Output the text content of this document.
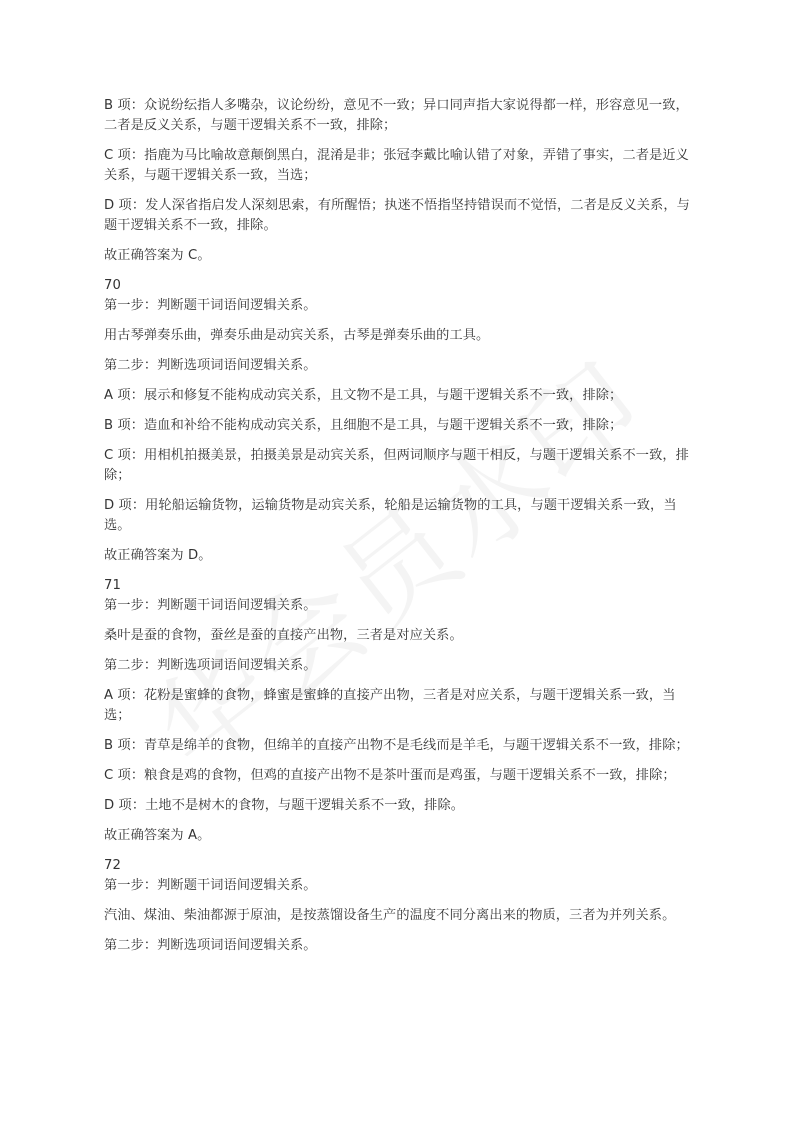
B 项：众说纷纭指人多嘴杂，议论纷纷，意见不一致；异口同声指大家说得都一样，形容意见一致，二者是反义关系，与题干逻辑关系不一致，排除；

C 项：指鹿为马比喻故意颠倒黑白，混淆是非；张冠李戴比喻认错了对象，弄错了事实，二者是近义关系，与题干逻辑关系一致，当选；

D 项：发人深省指启发人深刻思索，有所醒悟；执迷不悟指坚持错误而不觉悟，二者是反义关系，与题干逻辑关系不一致，排除。

故正确答案为 C。

70

第一步：判断题干词语间逻辑关系。

用古琴弹奏乐曲，弹奏乐曲是动宾关系，古琴是弹奏乐曲的工具。

第二步：判断选项词语间逻辑关系。

A 项：展示和修复不能构成动宾关系，且文物不是工具，与题干逻辑关系不一致，排除；

B 项：造血和补给不能构成动宾关系，且细胞不是工具，与题干逻辑关系不一致，排除；

C 项：用相机拍摄美景，拍摄美景是动宾关系，但两词顺序与题干相反，与题干逻辑关系不一致，排除；

D 项：用轮船运输货物，运输货物是动宾关系，轮船是运输货物的工具，与题干逻辑关系一致，当选。

故正确答案为 D。

71

第一步：判断题干词语间逻辑关系。

桑叶是蚕的食物，蚕丝是蚕的直接产出物，三者是对应关系。

第二步：判断选项词语间逻辑关系。

A 项：花粉是蜜蜂的食物，蜂蜜是蜜蜂的直接产出物，三者是对应关系，与题干逻辑关系一致，当选；

B 项：青草是绵羊的食物，但绵羊的直接产出物不是毛线而是羊毛，与题干逻辑关系不一致，排除；

C 项：粮食是鸡的食物，但鸡的直接产出物不是茶叶蛋而是鸡蛋，与题干逻辑关系不一致，排除；

D 项：土地不是树木的食物，与题干逻辑关系不一致，排除。

故正确答案为 A。

72

第一步：判断题干词语间逻辑关系。

汽油、煤油、柴油都源于原油，是按蒸馏设备生产的温度不同分离出来的物质，三者为并列关系。

第二步：判断选项词语间逻辑关系。
